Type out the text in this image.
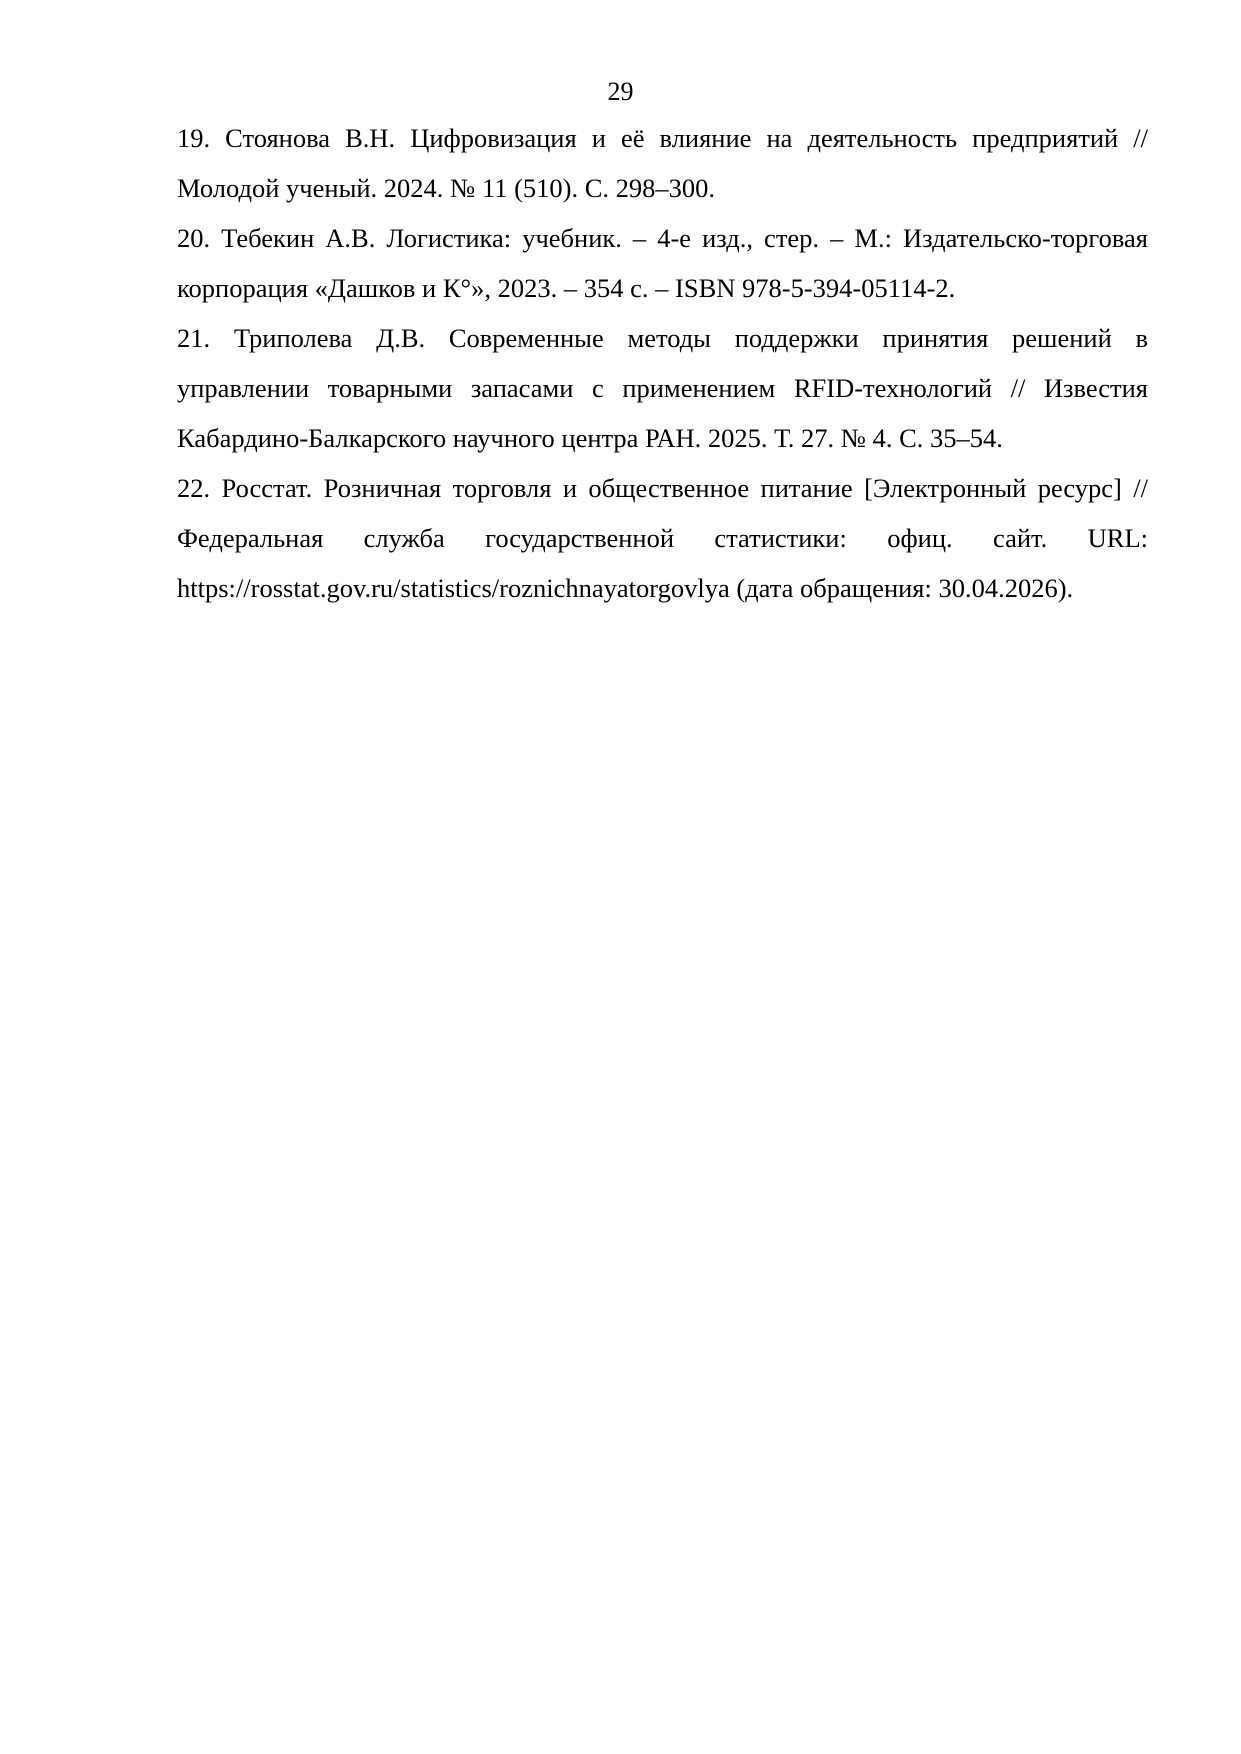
29
19. Стоянова В.Н. Цифровизация и её влияние на деятельность предприятий // Молодой ученый. 2024. № 11 (510). С. 298–300.
20. Тебекин А.В. Логистика: учебник. – 4-е изд., стер. – М.: Издательско-торговая корпорация «Дашков и К°», 2023. – 354 с. – ISBN 978-5-394-05114-2.
21. Триполева Д.В. Современные методы поддержки принятия решений в управлении товарными запасами с применением RFID-технологий // Известия Кабардино-Балкарского научного центра РАН. 2025. Т. 27. № 4. С. 35–54.
22. Росстат. Розничная торговля и общественное питание [Электронный ресурс] // Федеральная служба государственной статистики: офиц. сайт. URL: https://rosstat.gov.ru/statistics/roznichnayatorgovlya (дата обращения: 30.04.2026).
